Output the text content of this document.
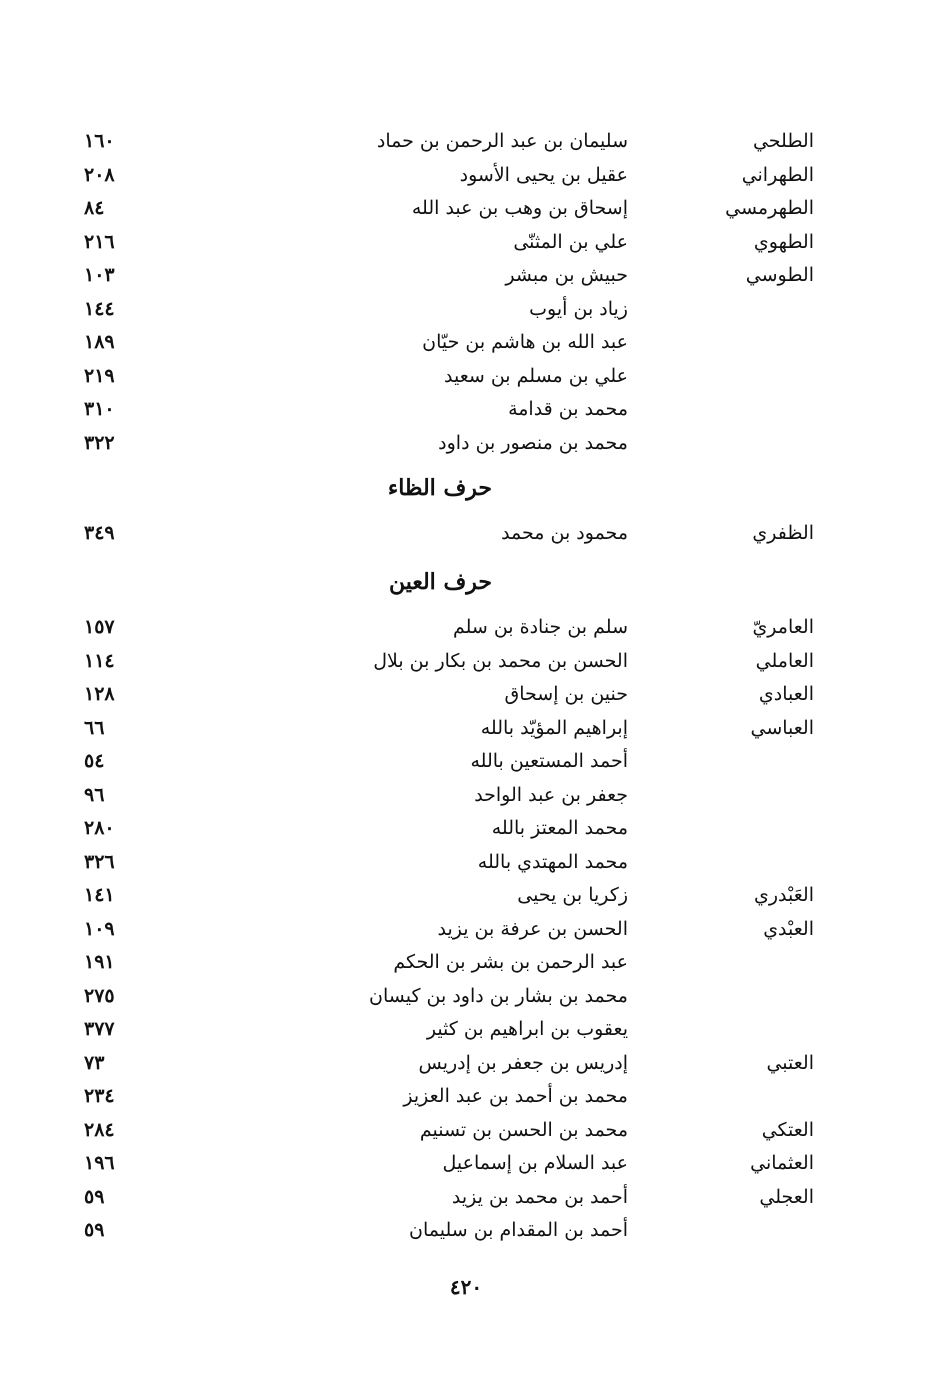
الطلحي
سليمان بن عبد الرحمن بن حماد
١٦٠
الطهراني
عقيل بن يحيى الأسود
٢٠٨
الطهرمسي
إسحاق بن وهب بن عبد الله
٨٤
الطهوي
علي بن المثنّى
٢١٦
الطوسي
حبيش بن مبشر
١٠٣
زياد بن أيوب
١٤٤
عبد الله بن هاشم بن حيّان
١٨٩
علي بن مسلم بن سعيد
٢١٩
محمد بن قدامة
٣١٠
محمد بن منصور بن داود
٣٢٢
حرف الظاء
الظفري
محمود بن محمد
٣٤٩
حرف العين
العامريّ
سلم بن جنادة بن سلم
١٥٧
العاملي
الحسن بن محمد بن بكار بن بلال
١١٤
العبادي
حنين بن إسحاق
١٢٨
العباسي
إبراهيم المؤيّد بالله
٦٦
أحمد المستعين بالله
٥٤
جعفر بن عبد الواحد
٩٦
محمد المعتز بالله
٢٨٠
محمد المهتدي بالله
٣٢٦
العَبْدري
زكريا بن يحيى
١٤١
العبْدي
الحسن بن عرفة بن يزيد
١٠٩
عبد الرحمن بن بشر بن الحكم
١٩١
محمد بن بشار بن داود بن كيسان
٢٧٥
يعقوب بن ابراهيم بن كثير
٣٧٧
العتبي
إدريس بن جعفر بن إدريس
٧٣
محمد بن أحمد بن عبد العزيز
٢٣٤
العتكي
محمد بن الحسن بن تسنيم
٢٨٤
العثماني
عبد السلام بن إسماعيل
١٩٦
العجلي
أحمد بن محمد بن يزيد
٥٩
أحمد بن المقدام بن سليمان
٥٩
٤٢٠
